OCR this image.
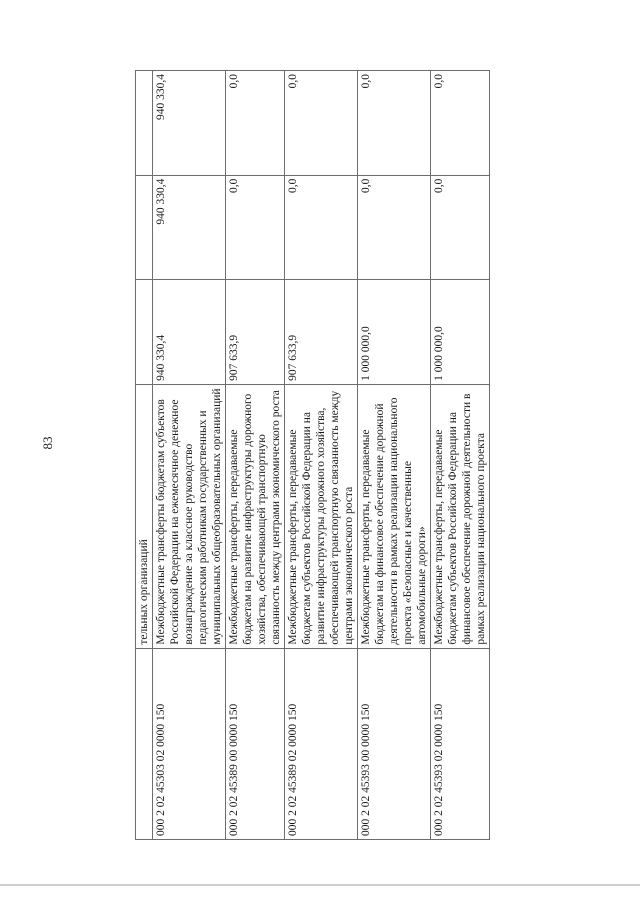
83
	тельных организаций			
000 2 02 45303 02 0000 150	Межбюджетные трансферты бюджетам субъектов Российской Федерации на ежемесячное денежное вознаграждение за классное руководство педагогическим работникам государственных и муниципальных общеобразовательных организаций	940 330,4	940 330,4	940 330,4
000 2 02 45389 00 0000 150	Межбюджетные трансферты, передаваемые бюджетам на развитие инфраструктуры дорожного хозяйства, обеспечивающей транспортную связанность между центрами экономического роста	907 633,9	0,0	0,0
000 2 02 45389 02 0000 150	Межбюджетные трансферты, передаваемые бюджетам субъектов Российской Федерации на развитие инфраструктуры дорожного хозяйства, обеспечивающей транспортную связанность между центрами экономического роста	907 633,9	0,0	0,0
000 2 02 45393 00 0000 150	Межбюджетные трансферты, передаваемые бюджетам на финансовое обеспечение дорожной деятельности в рамках реализации национального проекта «Безопасные и качественные автомобильные дороги»	1 000 000,0	0,0	0,0
000 2 02 45393 02 0000 150	Межбюджетные трансферты, передаваемые бюджетам субъектов Российской Федерации на финансовое обеспечение дорожной деятельности в рамках реализации национального проекта	1 000 000,0	0,0	0,0
